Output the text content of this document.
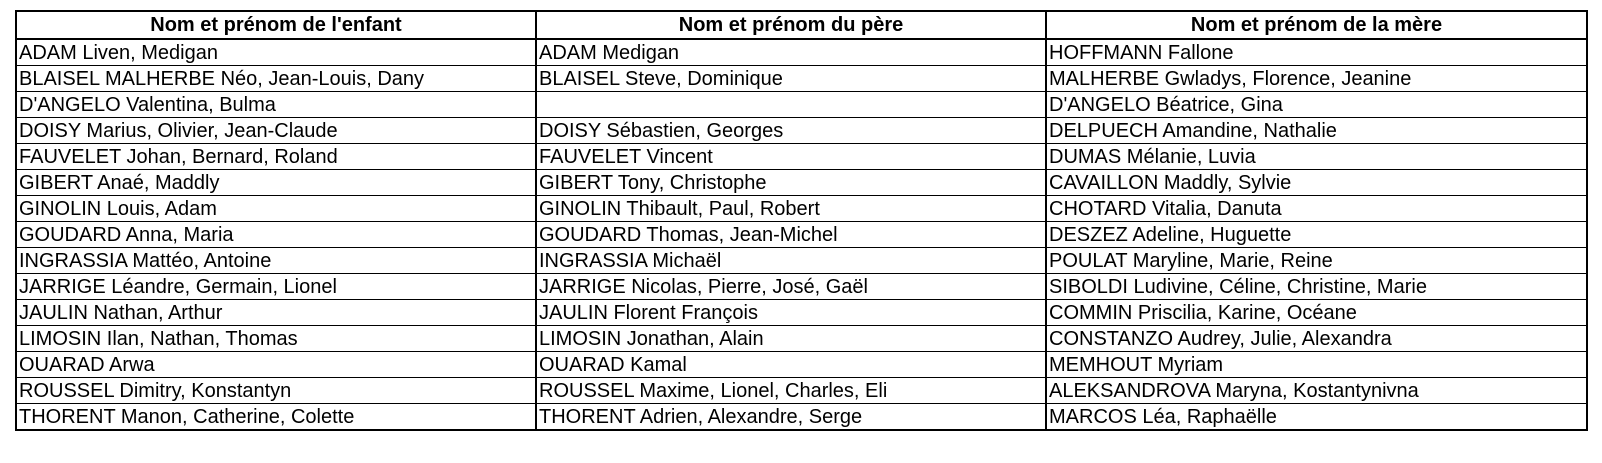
Nom et prénom de l'enfant	Nom et prénom du père	Nom et prénom de la mère
ADAM Liven, Medigan	ADAM Medigan	HOFFMANN Fallone
BLAISEL MALHERBE Néo, Jean-Louis, Dany	BLAISEL Steve, Dominique	MALHERBE Gwladys, Florence, Jeanine
D'ANGELO Valentina, Bulma		D'ANGELO Béatrice, Gina
DOISY Marius, Olivier, Jean-Claude	DOISY Sébastien, Georges	DELPUECH Amandine, Nathalie
FAUVELET Johan, Bernard, Roland	FAUVELET Vincent	DUMAS Mélanie, Luvia
GIBERT Anaé, Maddly	GIBERT Tony, Christophe	CAVAILLON Maddly, Sylvie
GINOLIN Louis, Adam	GINOLIN Thibault, Paul, Robert	CHOTARD Vitalia, Danuta
GOUDARD Anna, Maria	GOUDARD Thomas, Jean-Michel	DESZEZ Adeline, Huguette
INGRASSIA Mattéo, Antoine	INGRASSIA Michaël	POULAT Maryline, Marie, Reine
JARRIGE Léandre, Germain, Lionel	JARRIGE Nicolas, Pierre, José, Gaël	SIBOLDI Ludivine, Céline, Christine, Marie
JAULIN Nathan, Arthur	JAULIN Florent François	COMMIN Priscilia, Karine, Océane
LIMOSIN Ilan, Nathan, Thomas	LIMOSIN Jonathan, Alain	CONSTANZO Audrey, Julie, Alexandra
OUARAD Arwa	OUARAD Kamal	MEMHOUT Myriam
ROUSSEL Dimitry, Konstantyn	ROUSSEL Maxime, Lionel, Charles, Eli	ALEKSANDROVA Maryna, Kostantynivna
THORENT Manon, Catherine, Colette	THORENT Adrien, Alexandre, Serge	MARCOS Léa, Raphaëlle
